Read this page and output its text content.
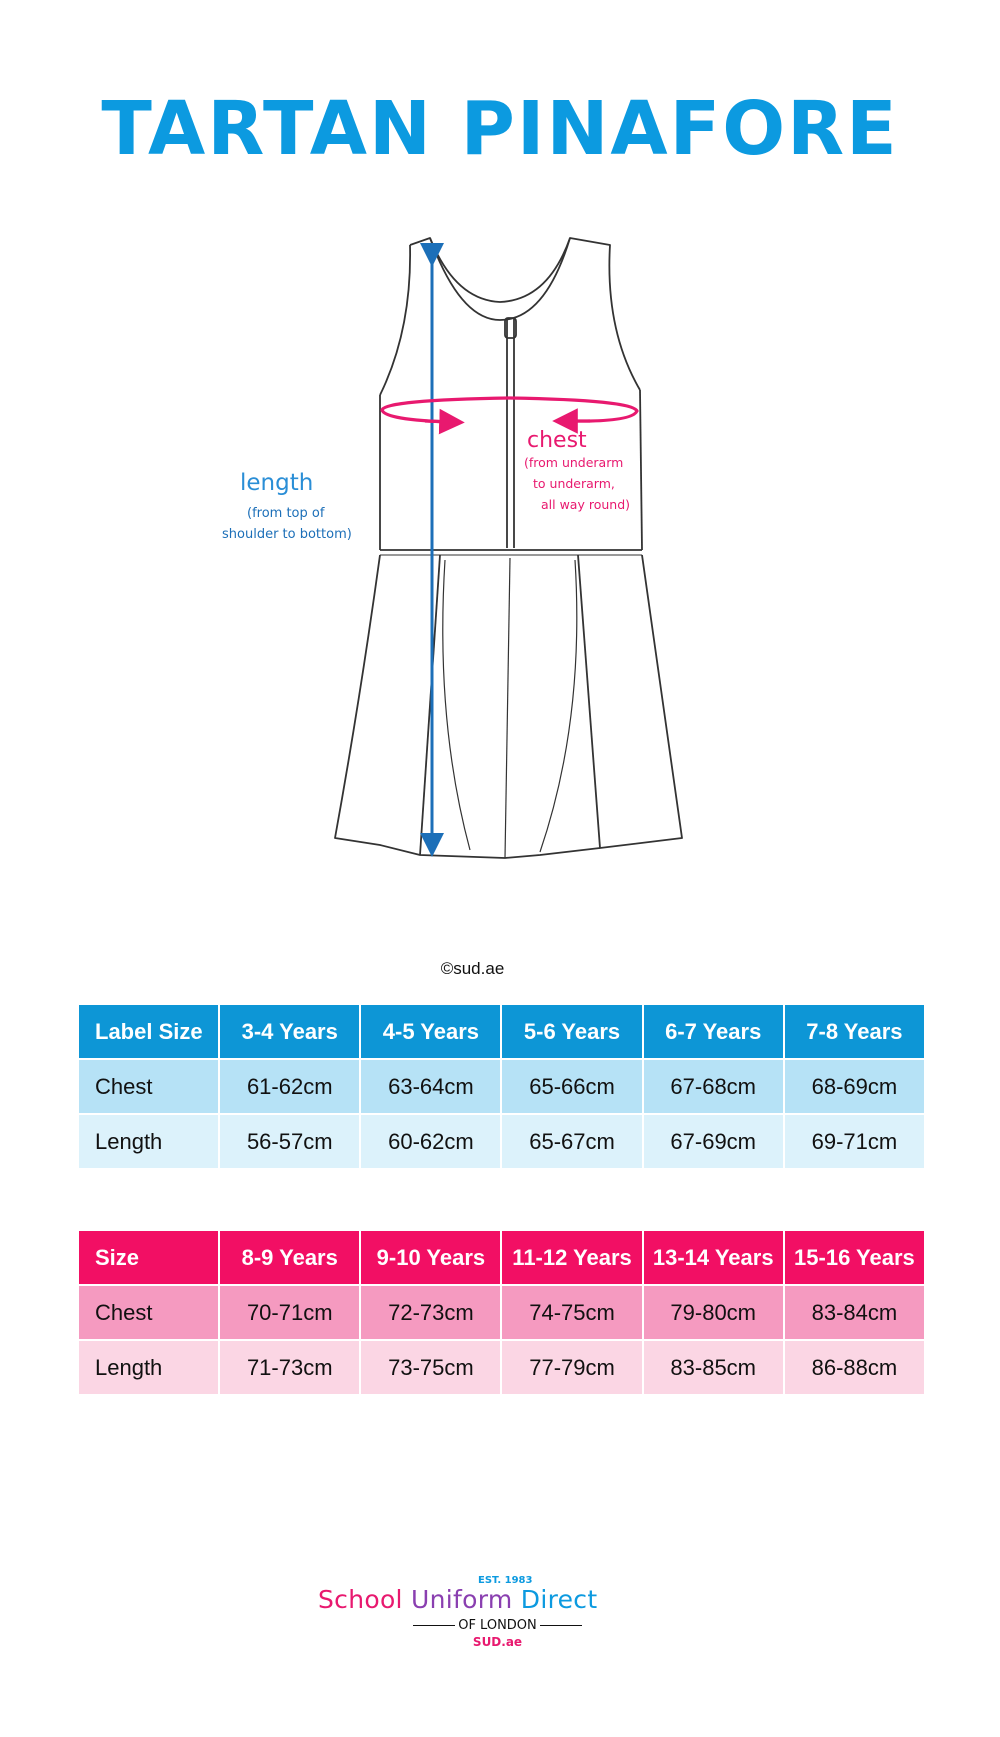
TARTAN PINAFORE
length
(from top of
shoulder to bottom)
chest
(from underarm
to underarm,
all way round)
©sud.ae
Label Size	3-4 Years	4-5 Years	5-6 Years	6-7 Years	7-8 Years
Chest	61-62cm	63-64cm	65-66cm	67-68cm	68-69cm
Length	56-57cm	60-62cm	65-67cm	67-69cm	69-71cm
Size	8-9 Years	9-10 Years	11-12 Years	13-14 Years	15-16 Years
Chest	70-71cm	72-73cm	74-75cm	79-80cm	83-84cm
Length	71-73cm	73-75cm	77-79cm	83-85cm	86-88cm
EST. 1983
School Uniform Direct
OF LONDON
SUD.ae
